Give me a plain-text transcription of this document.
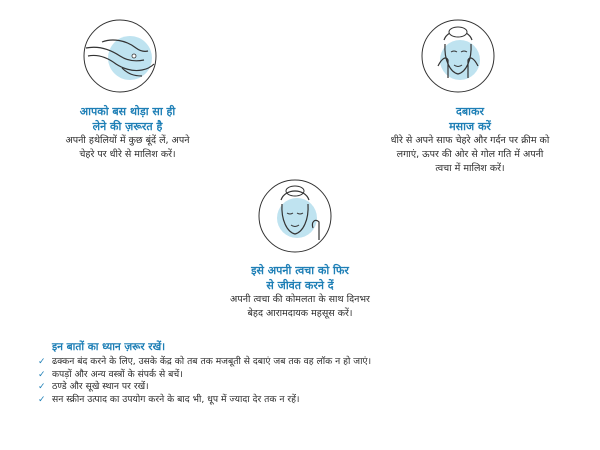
आपको बस थोड़ा सा ही
लेने की ज़रूरत है
अपनी हथेलियों में कुछ बूंदें लें, अपने
चेहरे पर धीरे से मालिश करें।
दबाकर
मसाज करें
धीरे से अपने साफ चेहरे और गर्दन पर क्रीम को
लगाएं, ऊपर की ओर से गोल गति में अपनी
त्वचा में मालिश करें।
इसे अपनी त्वचा को फिर
से जीवंत करने दें
अपनी त्वचा की कोमलता के साथ दिनभर
बेहद आरामदायक महसूस करें।
इन बातों का ध्यान ज़रूर रखें।
✓ ढक्कन बंद करने के लिए, उसके केंद्र को तब तक मजबूती से दबाएं जब तक वह लॉक न हो जाएं।
✓ कपड़ों और अन्य वस्त्रों के संपर्क से बचें।
✓ ठण्डे और सूखे स्थान पर रखें।
✓ सन स्क्रीन उत्पाद का उपयोग करने के बाद भी, धूप में ज्यादा देर तक न रहें।
